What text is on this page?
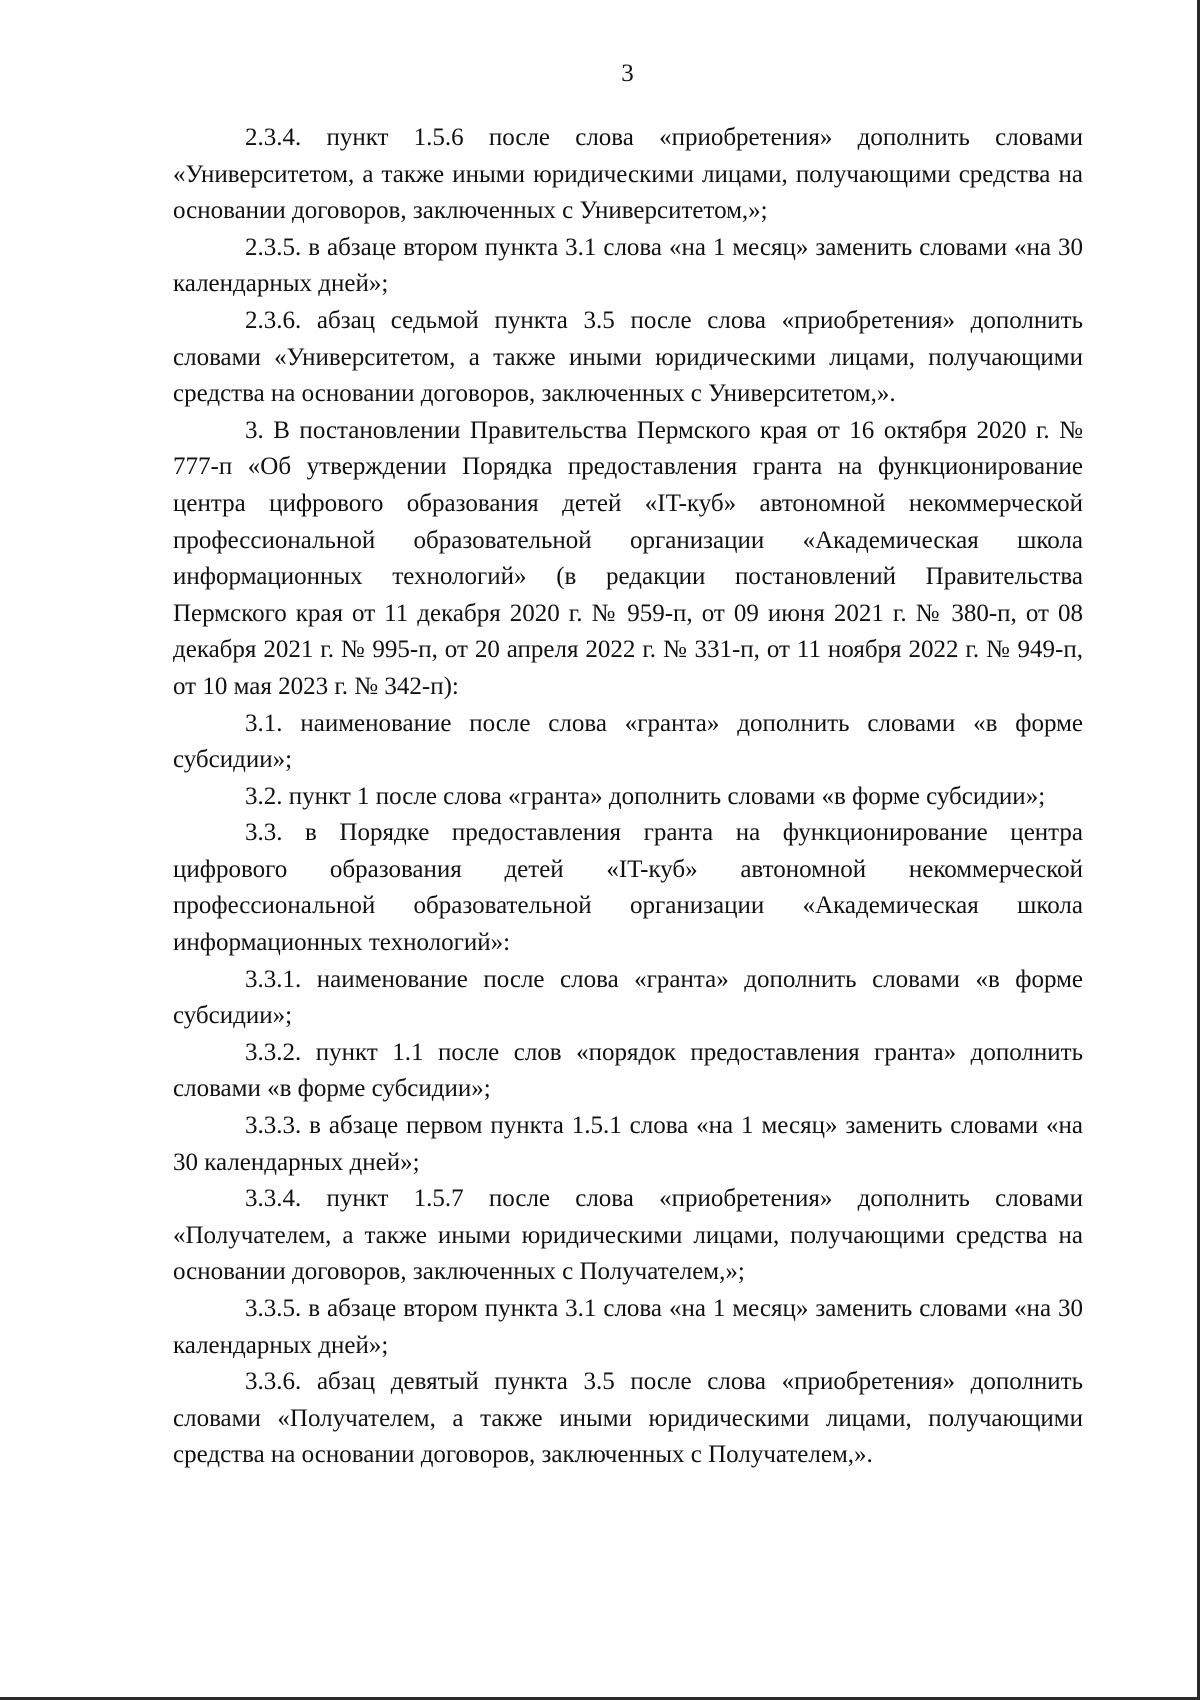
3

2.3.4. пункт 1.5.6 после слова «приобретения» дополнить словами «Университетом, а также иными юридическими лицами, получающими средства на основании договоров, заключенных с Университетом,»;

2.3.5. в абзаце втором пункта 3.1 слова «на 1 месяц» заменить словами «на 30 календарных дней»;

2.3.6. абзац седьмой пункта 3.5 после слова «приобретения» дополнить словами «Университетом, а также иными юридическими лицами, получающими средства на основании договоров, заключенных с Университетом,».

3. В постановлении Правительства Пермского края от 16 октября 2020 г. № 777-п «Об утверждении Порядка предоставления гранта на функционирование центра цифрового образования детей «IT-куб» автономной некоммерческой профессиональной образовательной организации «Академическая школа информационных технологий» (в редакции постановлений Правительства Пермского края от 11 декабря 2020 г. № 959-п, от 09 июня 2021 г. № 380-п, от 08 декабря 2021 г. № 995-п, от 20 апреля 2022 г. № 331-п, от 11 ноября 2022 г. № 949-п, от 10 мая 2023 г. № 342-п):

3.1. наименование после слова «гранта» дополнить словами «в форме субсидии»;

3.2. пункт 1 после слова «гранта» дополнить словами «в форме субсидии»;

3.3. в Порядке предоставления гранта на функционирование центра цифрового образования детей «IT-куб» автономной некоммерческой профессиональной образовательной организации «Академическая школа информационных технологий»:

3.3.1. наименование после слова «гранта» дополнить словами «в форме субсидии»;

3.3.2. пункт 1.1 после слов «порядок предоставления гранта» дополнить словами «в форме субсидии»;

3.3.3. в абзаце первом пункта 1.5.1 слова «на 1 месяц» заменить словами «на 30 календарных дней»;

3.3.4. пункт 1.5.7 после слова «приобретения» дополнить словами «Получателем, а также иными юридическими лицами, получающими средства на основании договоров, заключенных с Получателем,»;

3.3.5. в абзаце втором пункта 3.1 слова «на 1 месяц» заменить словами «на 30 календарных дней»;

3.3.6. абзац девятый пункта 3.5 после слова «приобретения» дополнить словами «Получателем, а также иными юридическими лицами, получающими средства на основании договоров, заключенных с Получателем,».
